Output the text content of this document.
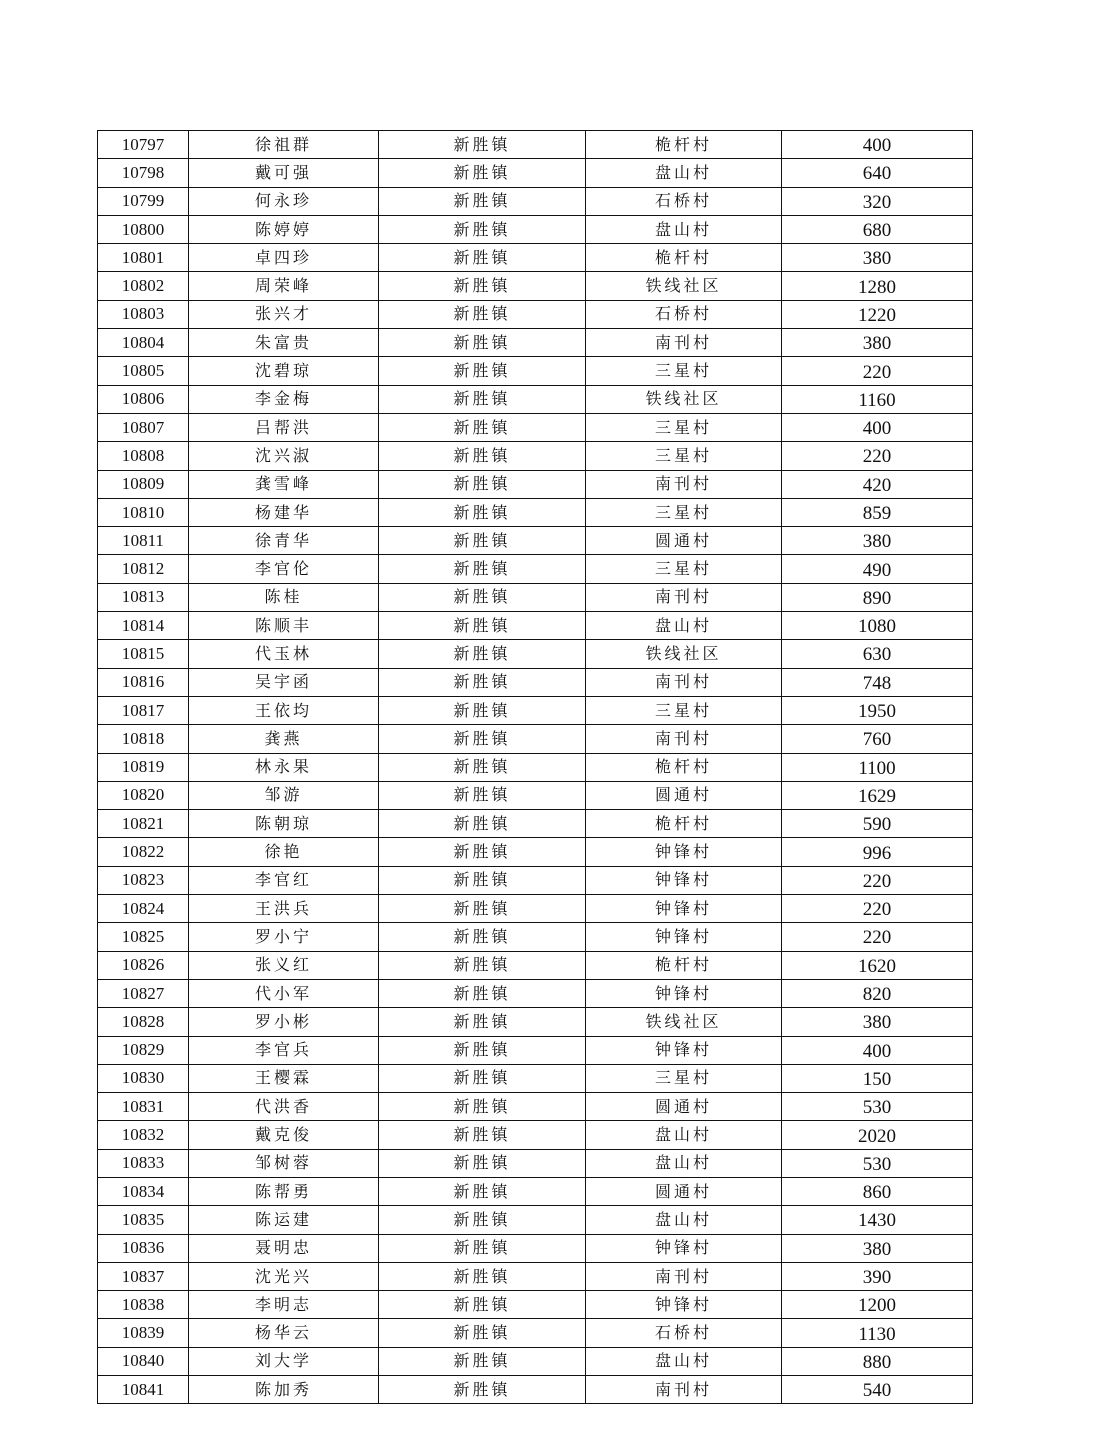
10797	徐祖群	新胜镇	桅杆村	400
10798	戴可强	新胜镇	盘山村	640
10799	何永珍	新胜镇	石桥村	320
10800	陈婷婷	新胜镇	盘山村	680
10801	卓四珍	新胜镇	桅杆村	380
10802	周荣峰	新胜镇	铁线社区	1280
10803	张兴才	新胜镇	石桥村	1220
10804	朱富贵	新胜镇	南刊村	380
10805	沈碧琼	新胜镇	三星村	220
10806	李金梅	新胜镇	铁线社区	1160
10807	吕帮洪	新胜镇	三星村	400
10808	沈兴淑	新胜镇	三星村	220
10809	龚雪峰	新胜镇	南刊村	420
10810	杨建华	新胜镇	三星村	859
10811	徐青华	新胜镇	圆通村	380
10812	李官伦	新胜镇	三星村	490
10813	陈桂	新胜镇	南刊村	890
10814	陈顺丰	新胜镇	盘山村	1080
10815	代玉林	新胜镇	铁线社区	630
10816	吴宇函	新胜镇	南刊村	748
10817	王依均	新胜镇	三星村	1950
10818	龚燕	新胜镇	南刊村	760
10819	林永果	新胜镇	桅杆村	1100
10820	邹游	新胜镇	圆通村	1629
10821	陈朝琼	新胜镇	桅杆村	590
10822	徐艳	新胜镇	钟锋村	996
10823	李官红	新胜镇	钟锋村	220
10824	王洪兵	新胜镇	钟锋村	220
10825	罗小宁	新胜镇	钟锋村	220
10826	张义红	新胜镇	桅杆村	1620
10827	代小军	新胜镇	钟锋村	820
10828	罗小彬	新胜镇	铁线社区	380
10829	李官兵	新胜镇	钟锋村	400
10830	王樱霖	新胜镇	三星村	150
10831	代洪香	新胜镇	圆通村	530
10832	戴克俊	新胜镇	盘山村	2020
10833	邹树蓉	新胜镇	盘山村	530
10834	陈帮勇	新胜镇	圆通村	860
10835	陈运建	新胜镇	盘山村	1430
10836	聂明忠	新胜镇	钟锋村	380
10837	沈光兴	新胜镇	南刊村	390
10838	李明志	新胜镇	钟锋村	1200
10839	杨华云	新胜镇	石桥村	1130
10840	刘大学	新胜镇	盘山村	880
10841	陈加秀	新胜镇	南刊村	540
